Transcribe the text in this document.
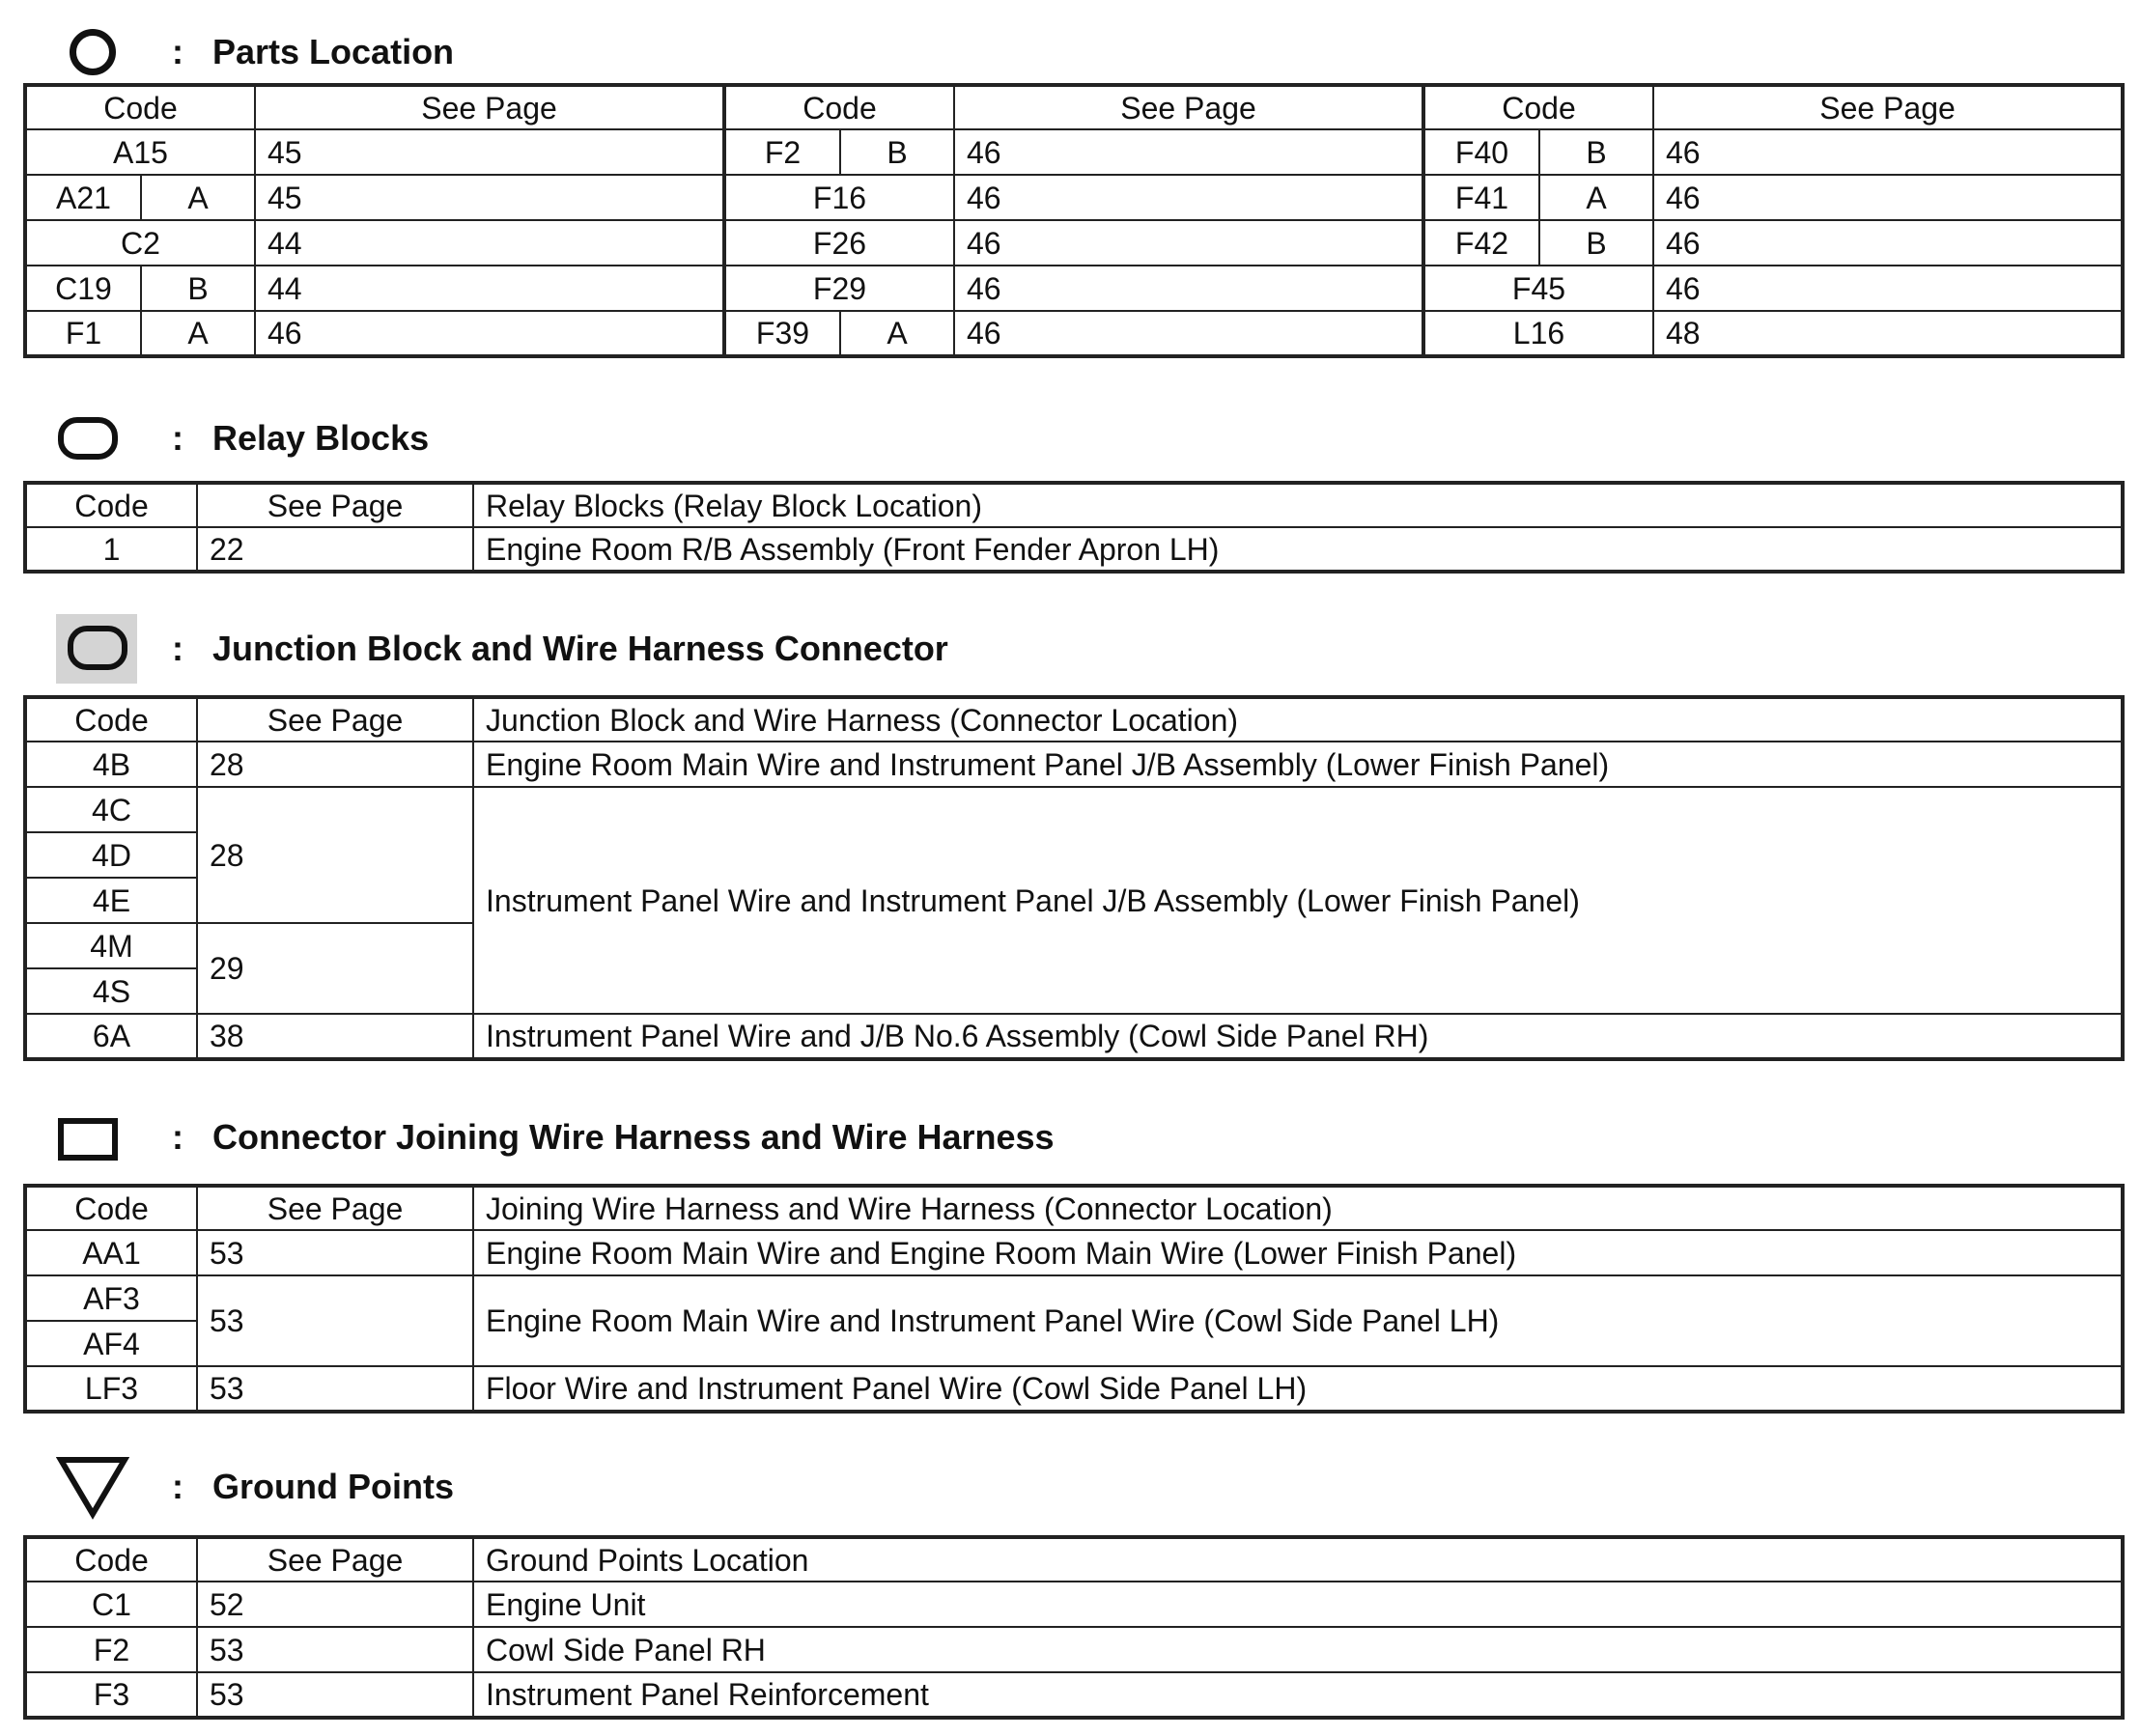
: Parts Location
Code		See Page	Code		See Page	Code		See Page
A15		45	F2	B	46	F40	B	46
A21	A	45	F16		46	F41	A	46
C2		44	F26		46	F42	B	46
C19	B	44	F29		46	F45		46
F1	A	46	F39	A	46	L16		48
: Relay Blocks
Code	See Page	Relay Blocks (Relay Block Location)
1	22	Engine Room R/B Assembly (Front Fender Apron LH)
: Junction Block and Wire Harness Connector
Code	See Page	Junction Block and Wire Harness (Connector Location)
4B	28	Engine Room Main Wire and Instrument Panel J/B Assembly (Lower Finish Panel)
4C	28	Instrument Panel Wire and Instrument Panel J/B Assembly (Lower Finish Panel)
4D		
4E		
4M	29	
4S		
6A	38	Instrument Panel Wire and J/B No.6 Assembly (Cowl Side Panel RH)
: Connector Joining Wire Harness and Wire Harness
Code	See Page	Joining Wire Harness and Wire Harness (Connector Location)
AA1	53	Engine Room Main Wire and Engine Room Main Wire (Lower Finish Panel)
AF3	53	Engine Room Main Wire and Instrument Panel Wire (Cowl Side Panel LH)
AF4		
LF3	53	Floor Wire and Instrument Panel Wire (Cowl Side Panel LH)
: Ground Points
Code	See Page	Ground Points Location
C1	52	Engine Unit
F2	53	Cowl Side Panel RH
F3	53	Instrument Panel Reinforcement
